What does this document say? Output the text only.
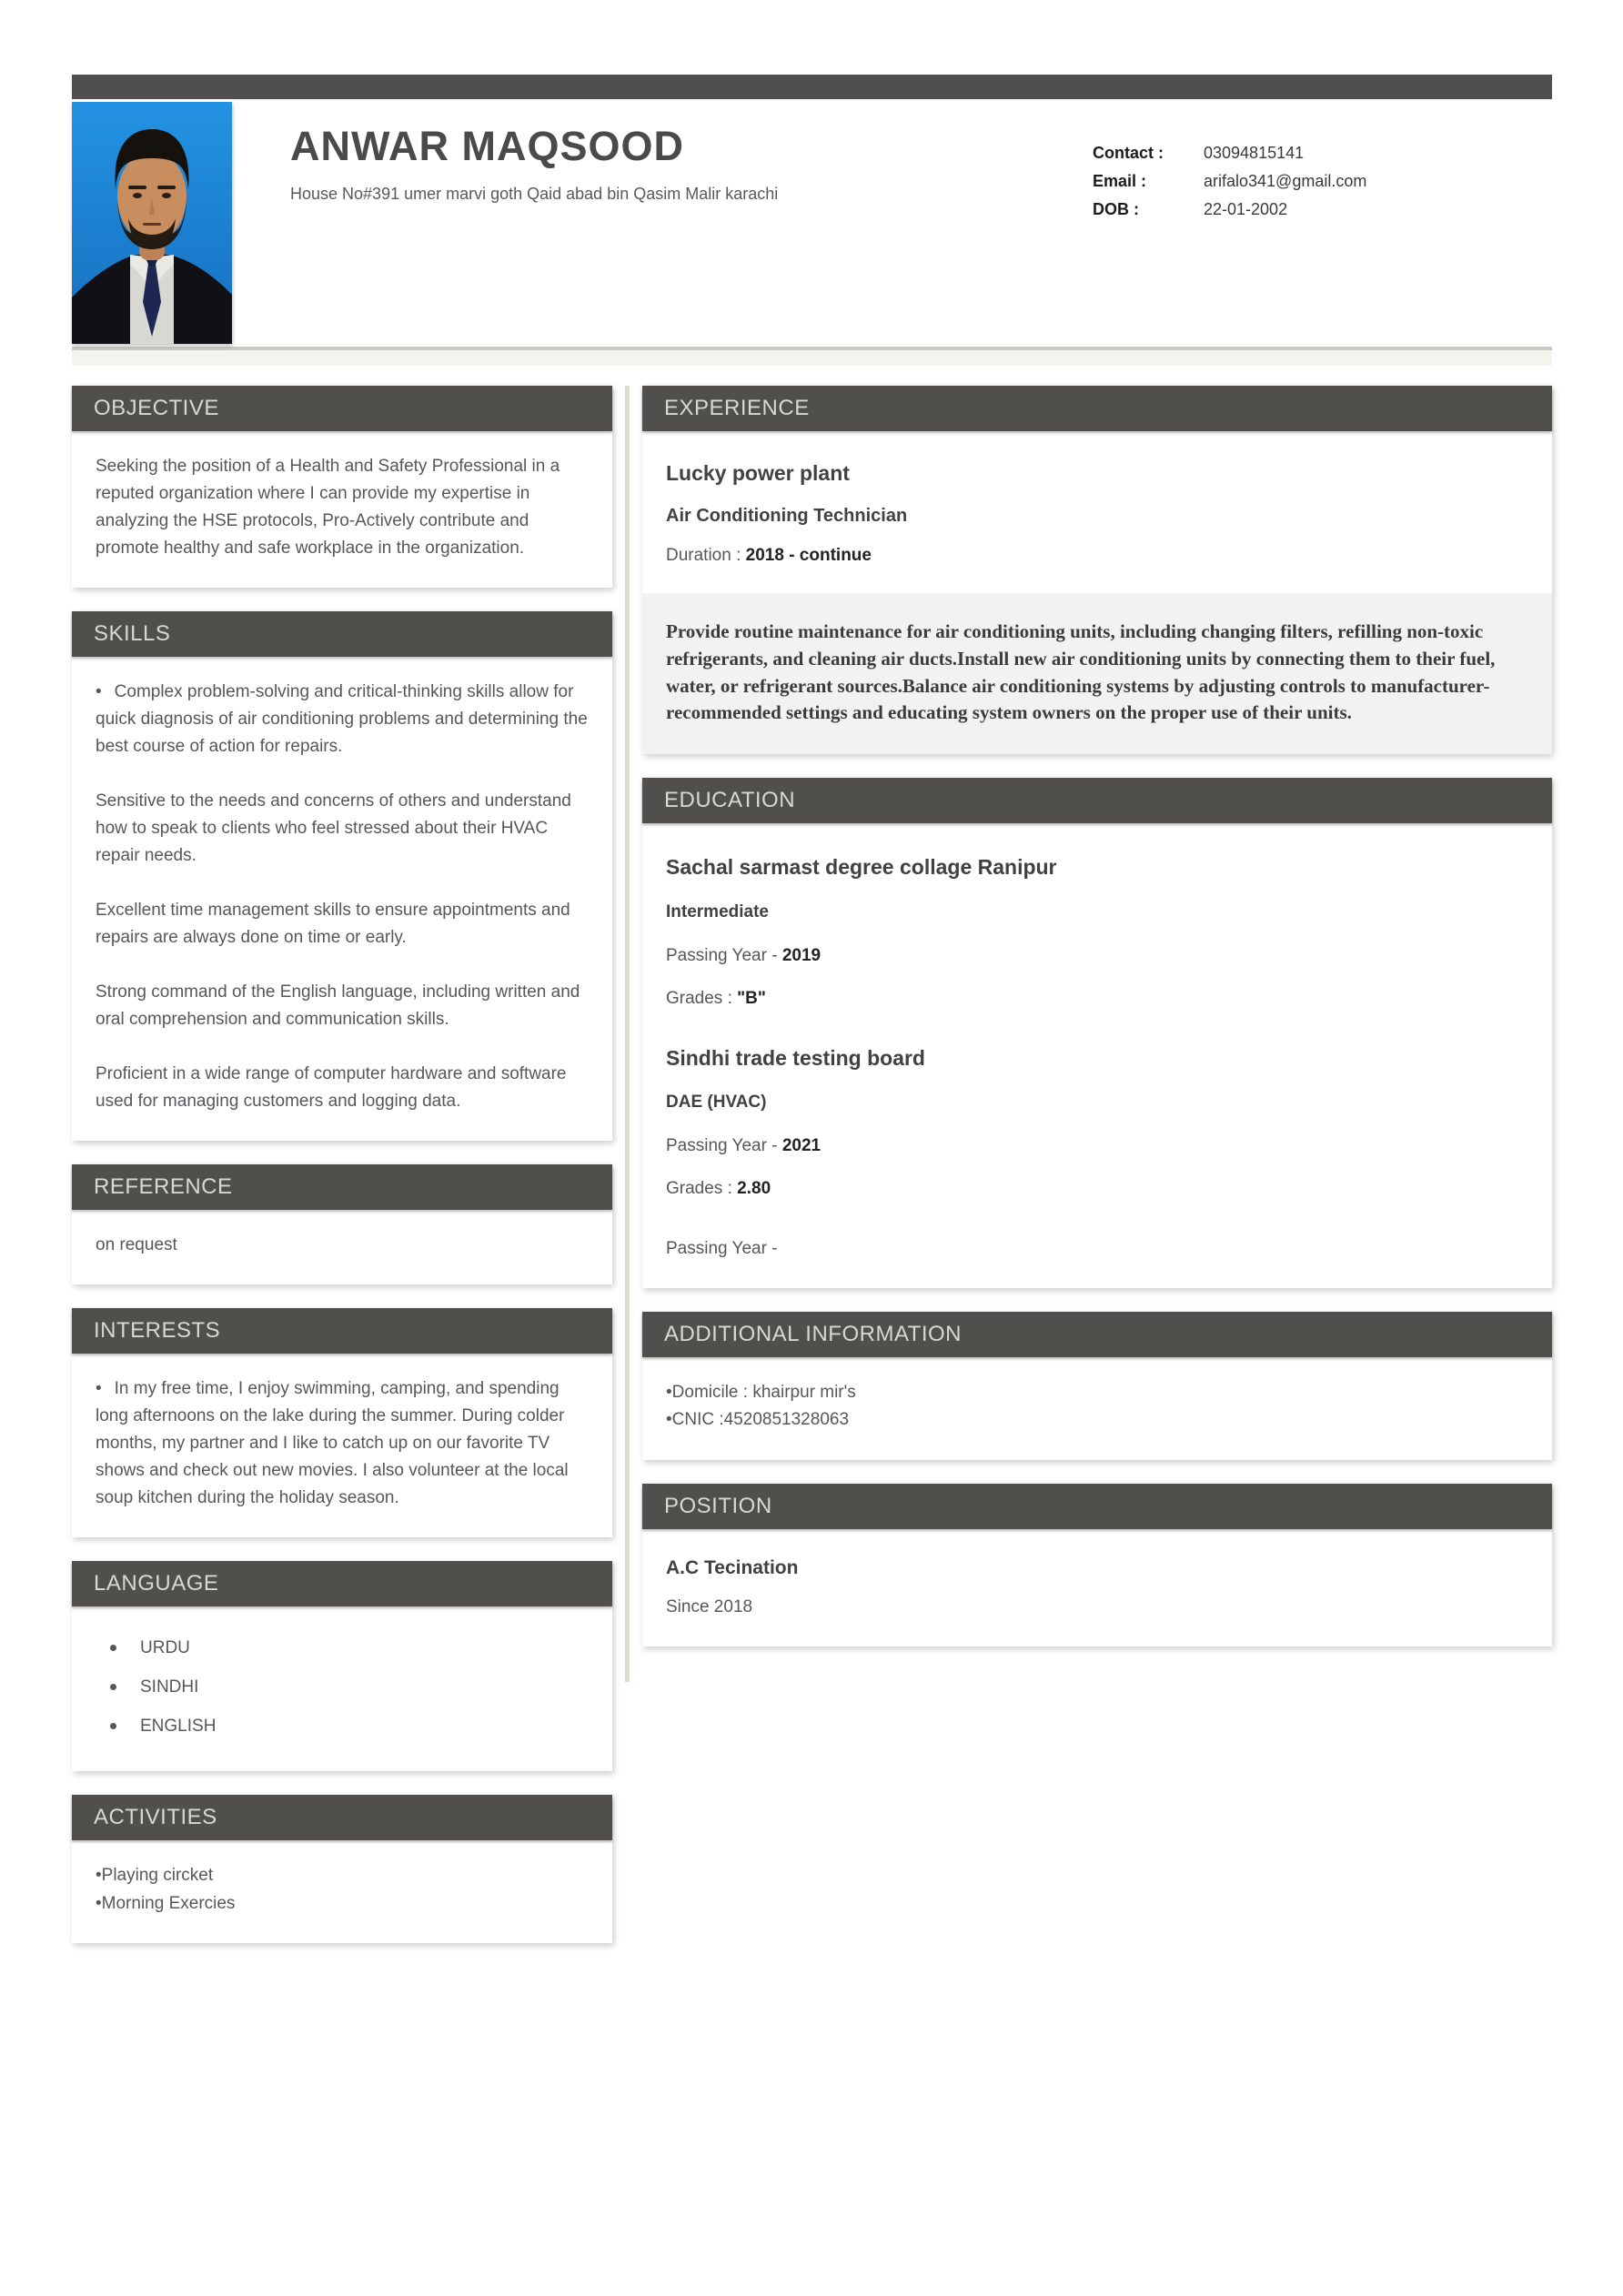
ANWAR MAQSOOD
House No#391 umer marvi goth Qaid abad bin Qasim Malir karachi
Contact :	03094815141
Email :	arifalo341@gmail.com
DOB :	22-01-2002
OBJECTIVE

Seeking the position of a Health and Safety Professional in a reputed organization where I can provide my expertise in analyzing the HSE protocols, Pro-Actively contribute and promote healthy and safe workplace in the organization.

SKILLS

• Complex problem-solving and critical-thinking skills allow for quick diagnosis of air conditioning problems and determining the best course of action for repairs.

Sensitive to the needs and concerns of others and understand how to speak to clients who feel stressed about their HVAC repair needs.

Excellent time management skills to ensure appointments and repairs are always done on time or early.

Strong command of the English language, including written and oral comprehension and communication skills.

Proficient in a wide range of computer hardware and software used for managing customers and logging data.

REFERENCE

on request

INTERESTS

• In my free time, I enjoy swimming, camping, and spending long afternoons on the lake during the summer. During colder months, my partner and I like to catch up on our favorite TV shows and check out new movies. I also volunteer at the local soup kitchen during the holiday season.

LANGUAGE
URDU
SINDHI
ENGLISH
ACTIVITIES
•Playing circket
•Morning Exercies
EXPERIENCE
Lucky power plant
Air Conditioning Technician
Duration : 2018 - continue
Provide routine maintenance for air conditioning units, including changing filters, refilling non-toxic refrigerants, and cleaning air ducts.Install new air conditioning units by connecting them to their fuel, water, or refrigerant sources.Balance air conditioning systems by adjusting controls to manufacturer-recommended settings and educating system owners on the proper use of their units.
EDUCATION
Sachal sarmast degree collage Ranipur
Intermediate
Passing Year - 2019
Grades : "B"
Sindhi trade testing board
DAE (HVAC)
Passing Year - 2021
Grades : 2.80
Passing Year -
ADDITIONAL INFORMATION
•Domicile : khairpur mir's
•CNIC :4520851328063
POSITION
A.C Tecination
Since 2018
